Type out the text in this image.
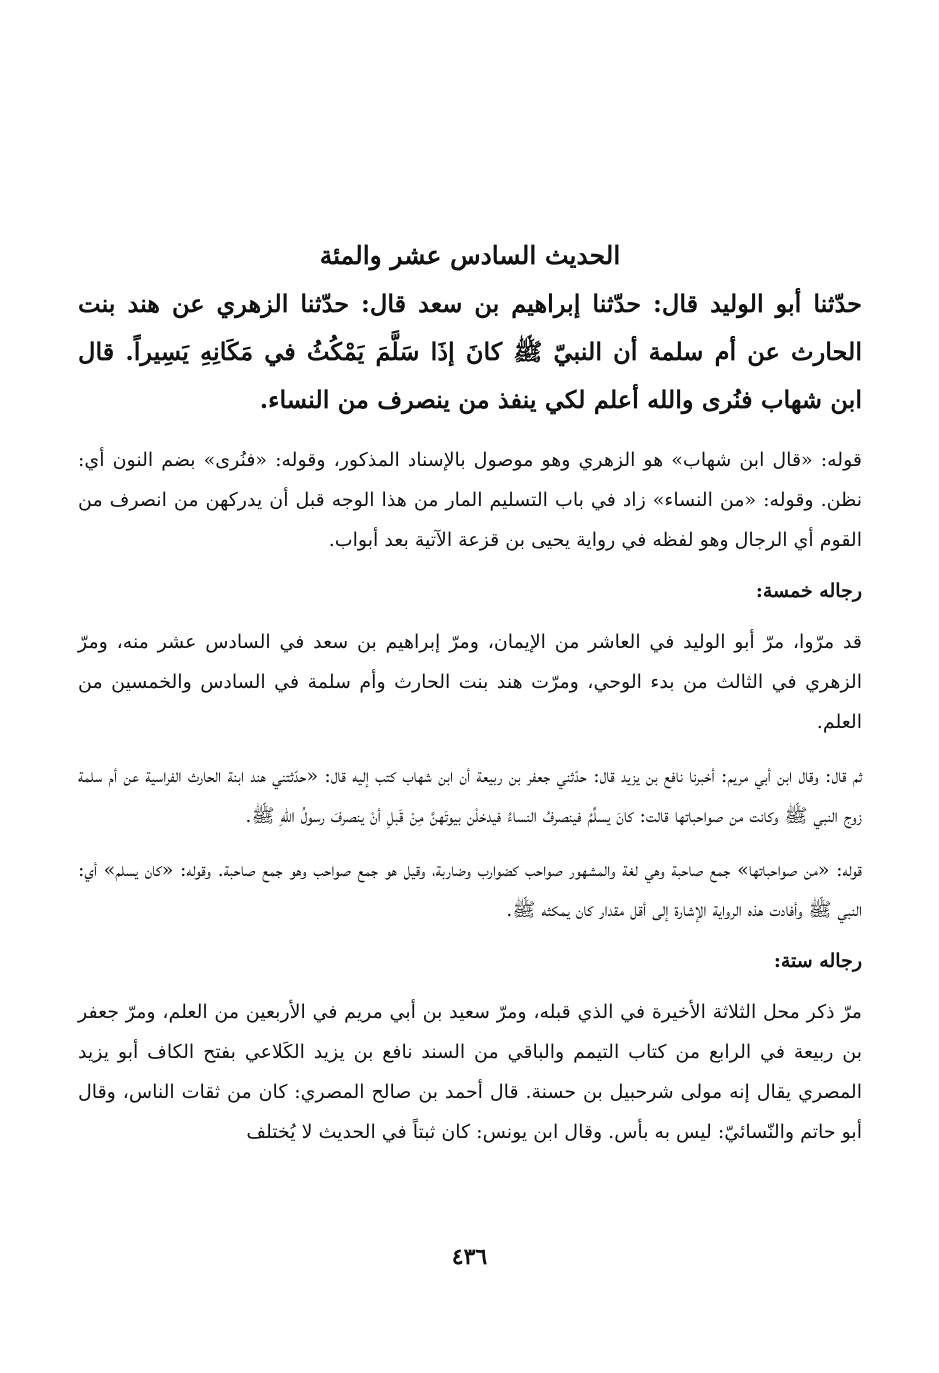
الحديث السادس عشر والمئة
حدّثنا أبو الوليد قال: حدّثنا إبراهيم بن سعد قال: حدّثنا الزهري عن هند بنت الحارث عن أم سلمة أن النبيّ ﷺ كانَ إذَا سَلَّمَ يَمْكُثُ في مَكَانِهِ يَسِيراً. قال ابن شهاب فنُرى والله أعلم لكي ينفذ من ينصرف من النساء.
قوله: «قال ابن شهاب» هو الزهري وهو موصول بالإسناد المذكور، وقوله: «فنُرى» بضم النون أي: نظن. وقوله: «من النساء» زاد في باب التسليم المار من هذا الوجه قبل أن يدركهن من انصرف من القوم أي الرجال وهو لفظه في رواية يحيى بن قزعة الآتية بعد أبواب.
رجاله خمسة:
قد مرّوا، مرّ أبو الوليد في العاشر من الإيمان، ومرّ إبراهيم بن سعد في السادس عشر منه، ومرّ الزهري في الثالث من بدء الوحي، ومرّت هند بنت الحارث وأم سلمة في السادس والخمسين من العلم.
ثم قال: وقال ابن أبي مريم: أخبرنا نافع بن يزيد قال: حدّثني جعفر بن ربيعة أن ابن شهاب كتب إليه قال: «حدّثتني هند ابنة الحارث الفراسية عن أم سلمة زوج النبي ﷺ وكانت من صواحباتها قالت: كانَ يسلِّمُ فينصرفُ النساءُ فيدخلْن بيوتَهنَّ مِنْ قَبلِ أنْ ينصرفَ رسولُ اللهِ ﷺ.
قوله: «من صواحباتها» جمع صاحبة وهي لغة والمشهور صواحب كضوارب وضاربة، وقيل هو جمع صواحب وهو جمع صاحبة. وقوله: «كان يسلم» أي: النبي ﷺ وأفادت هذه الرواية الإشارة إلى أقل مقدار كان يمكثه ﷺ.
رجاله ستة:
مرّ ذكر محل الثلاثة الأخيرة في الذي قبله، ومرّ سعيد بن أبي مريم في الأربعين من العلم، ومرّ جعفر بن ربيعة في الرابع من كتاب التيمم والباقي من السند نافع بن يزيد الكَلاعي بفتح الكاف أبو يزيد المصري يقال إنه مولى شرحبيل بن حسنة. قال أحمد بن صالح المصري: كان من ثقات الناس، وقال أبو حاتم والنّسائيّ: ليس به بأس. وقال ابن يونس: كان ثبتاً في الحديث لا يُختلف
٤٣٦
